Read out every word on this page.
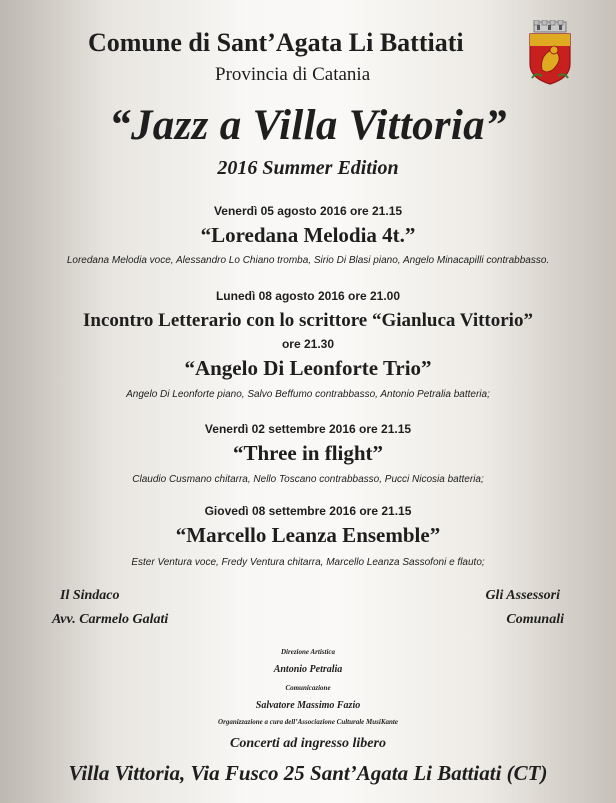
Comune di Sant’Agata Li Battiati
Provincia di Catania
“Jazz a Villa Vittoria”
2016 Summer Edition
Venerdì 05 agosto 2016 ore 21.15
“Loredana Melodia 4t.”
Loredana Melodia voce, Alessandro Lo Chiano tromba, Sirio Di Blasi piano, Angelo Minacapilli contrabbasso.
Lunedì 08 agosto 2016 ore 21.00
Incontro Letterario con lo scrittore “Gianluca Vittorio”
ore 21.30
“Angelo Di Leonforte Trio”
Angelo Di Leonforte piano, Salvo Beffumo contrabbasso, Antonio Petralia batteria;
Venerdì 02 settembre 2016 ore 21.15
“Three in flight”
Claudio Cusmano chitarra, Nello Toscano contrabbasso, Pucci Nicosia batteria;
Giovedì 08 settembre 2016 ore 21.15
“Marcello Leanza Ensemble”
Ester Ventura voce, Fredy Ventura chitarra, Marcello Leanza Sassofoni e flauto;
Il Sindaco
Avv. Carmelo Galati
Gli Assessori
Comunali
Direzione Artistica
Antonio Petralia
Comunicazione
Salvatore Massimo Fazio
Organizzazione a cura dell’Associazione Culturale MusiKante
Concerti ad ingresso libero
Villa Vittoria, Via Fusco 25 Sant’Agata Li Battiati (CT)
